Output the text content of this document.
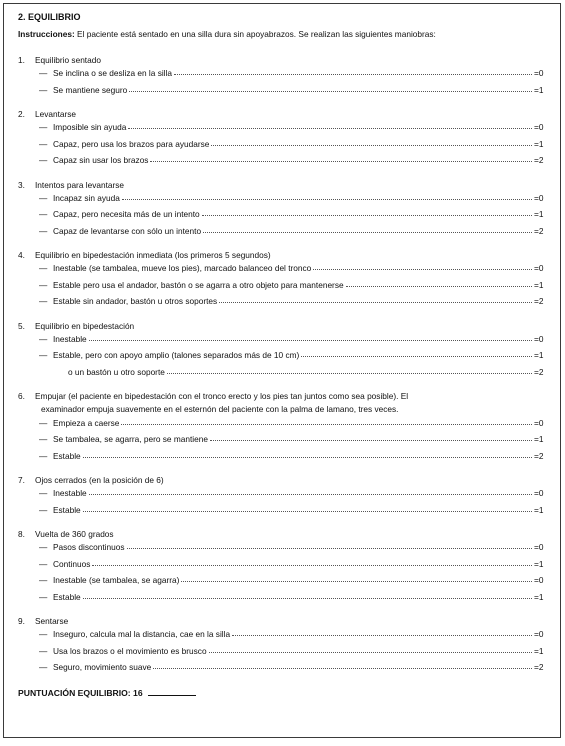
2. EQUILIBRIO
Instrucciones: El paciente está sentado en una silla dura sin apoyabrazos. Se realizan las siguientes maniobras:
1.	Equilibrio sentado
— Se inclina o se desliza en la silla	=0
— Se mantiene seguro	=1
2.	Levantarse
— Imposible sin ayuda	=0
— Capaz, pero usa los brazos para ayudarse	=1
— Capaz sin usar los brazos	=2
3.	Intentos para levantarse
— Incapaz sin ayuda	=0
— Capaz, pero necesita más de un intento	=1
— Capaz de levantarse con sólo un intento	=2
4.	Equilibrio en bipedestación inmediata (los primeros 5 segundos)
— Inestable (se tambalea, mueve los pies), marcado balanceo del tronco	=0
— Estable pero usa el andador, bastón o se agarra a otro objeto para mantenerse	=1
— Estable sin andador, bastón u otros soportes	=2
5.	Equilibrio en bipedestación
— Inestable	=0
— Estable, pero con apoyo amplio (talones separados más de 10 cm)	=1
o un bastón u otro soporte	=2
6.	Empujar (el paciente en bipedestación con el tronco erecto y los pies tan juntos como sea posible). El
examinador empuja suavemente en el esternón del paciente con la palma de lamano, tres veces.
— Empieza a caerse	=0
— Se tambalea, se agarra, pero se mantiene	=1
— Estable	=2
7.	Ojos cerrados (en la posición de 6)
— Inestable	=0
— Estable	=1
8.	Vuelta de 360 grados
— Pasos discontinuos	=0
— Continuos	=1
— Inestable (se tambalea, se agarra)	=0
— Estable	=1
9.	Sentarse
— Inseguro, calcula mal la distancia, cae en la silla	=0
— Usa los brazos o el movimiento es brusco	=1
— Seguro, movimiento suave	=2
PUNTUACIÓN EQUILIBRIO: 16
